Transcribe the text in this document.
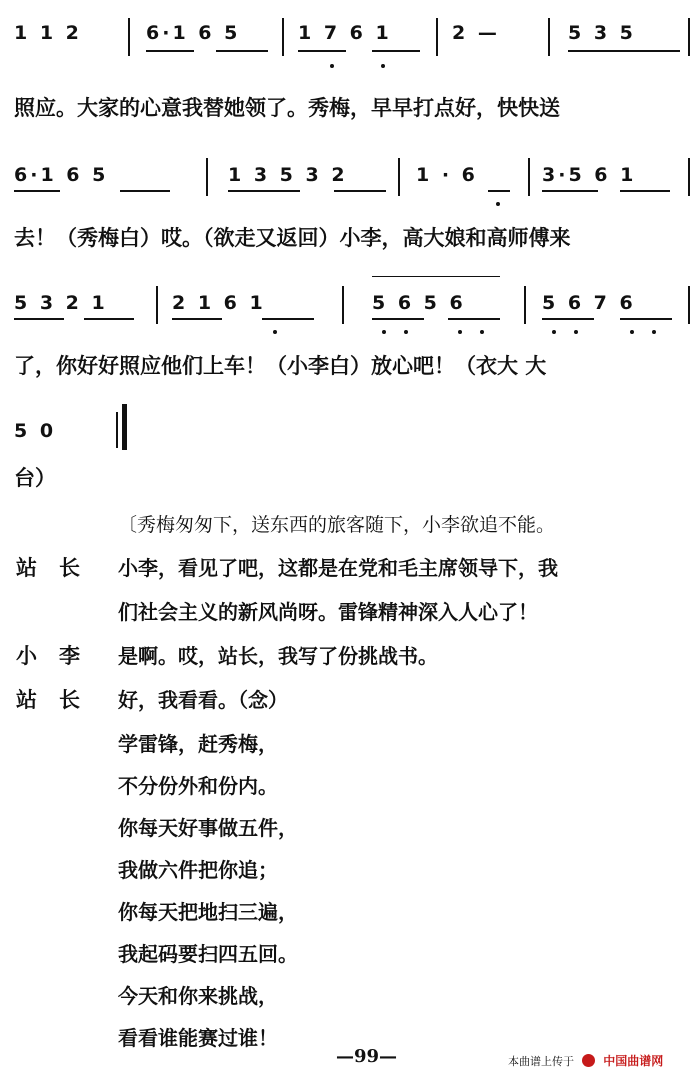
1 1 2	6·1 6 5	1 7 6 1	2 —	5 3 5
照应。大家的心意我替她领了。秀梅，早早打点好，快快送
6·1 6 5	1 3 5 3 2	1 · 6	3·5 6 1
去！（秀梅白）哎。（欲走又返回）小李，高大娘和高师傅来
5 3 2 1	2 1 6 1	5 6 5 6	5 6 7 6
了，你好好照应他们上车！（小李白）放心吧！（衣大 大
5 0
台）
〔秀梅匆匆下，送东西的旅客随下，小李欲追不能。
站长 小李，看见了吧，这都是在党和毛主席领导下，我
们社会主义的新风尚呀。雷锋精神深入人心了！
小李 是啊。哎，站长，我写了份挑战书。
站长 好，我看看。（念）
学雷锋，赶秀梅，
不分份外和份内。
你每天好事做五件，
我做六件把你追；
你每天把地扫三遍，
我起码要扫四五回。
今天和你来挑战，
看看谁能赛过谁！
—99—	本曲谱上传于 中国曲谱网
